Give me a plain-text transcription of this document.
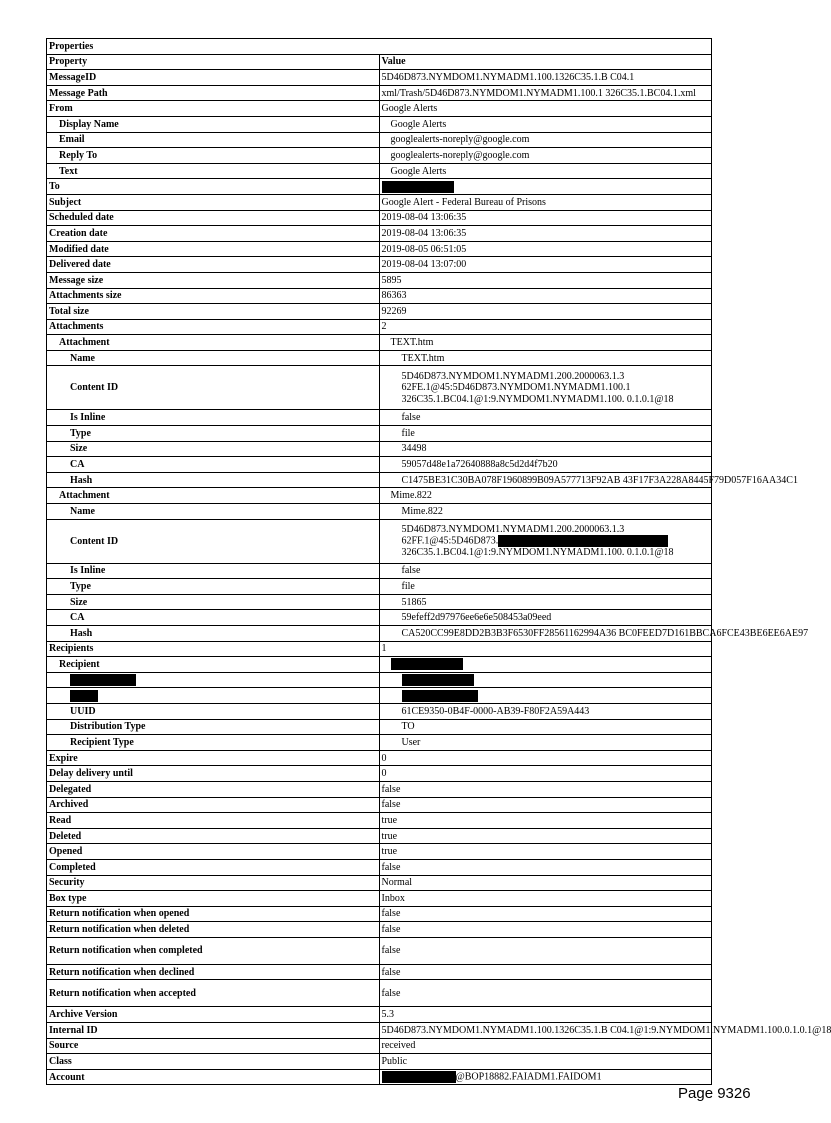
Properties	
Property	Value
MessageID	5D46D873.NYMDOM1.NYMADM1.100.1326C35.1.B C04.1
Message Path	xml/Trash/5D46D873.NYMDOM1.NYMADM1.100.1 326C35.1.BC04.1.xml
From	Google Alerts
Display Name	Google Alerts
Email	googlealerts-noreply@google.com
Reply To	googlealerts-noreply@google.com
Text	Google Alerts
To	
Subject	Google Alert - Federal Bureau of Prisons
Scheduled date	2019-08-04 13:06:35
Creation date	2019-08-04 13:06:35
Modified date	2019-08-05 06:51:05
Delivered date	2019-08-04 13:07:00
Message size	5895
Attachments size	86363
Total size	92269
Attachments	2
Attachment	TEXT.htm
Name	TEXT.htm
Content ID	5D46D873.NYMDOM1.NYMADM1.200.2000063.1.3
62FE.1@45:5D46D873.NYMDOM1.NYMADM1.100.1
326C35.1.BC04.1@1:9.NYMDOM1.NYMADM1.100. 0.1.0.1@18

Is Inline	false
Type	file
Size	34498
CA	59057d48e1a72640888a8c5d2d4f7b20
Hash	C1475BE31C30BA078F1960899B09A577713F92AB 43F17F3A228A8445F79D057F16AA34C1
Attachment	Mime.822
Name	Mime.822
Content ID	5D46D873.NYMDOM1.NYMADM1.200.2000063.1.3
62FF.1@45:5D46D873.
326C35.1.BC04.1@1:9.NYMDOM1.NYMADM1.100. 0.1.0.1@18

Is Inline	false
Type	file
Size	51865
CA	59efeff2d97976ee6e6e508453a09eed
Hash	CA520CC99E8DD2B3B3F6530FF28561162994A36 BC0FEED7D161BBCA6FCE43BE6EE6AE97
Recipients	1
Recipient	

UUID	61CE9350-0B4F-0000-AB39-F80F2A59A443
Distribution Type	TO
Recipient Type	User
Expire	0
Delay delivery until	0
Delegated	false
Archived	false
Read	true
Deleted	true
Opened	true
Completed	false
Security	Normal
Box type	Inbox
Return notification when opened	false
Return notification when deleted	false
Return notification when completed	false
Return notification when declined	false
Return notification when accepted	false
Archive Version	5.3
Internal ID	5D46D873.NYMDOM1.NYMADM1.100.1326C35.1.B C04.1@1:9.NYMDOM1.NYMADM1.100.0.1.0.1@18
Source	received
Class	Public
Account	@BOP18882.FAIADM1.FAIDOM1
Page 9326
